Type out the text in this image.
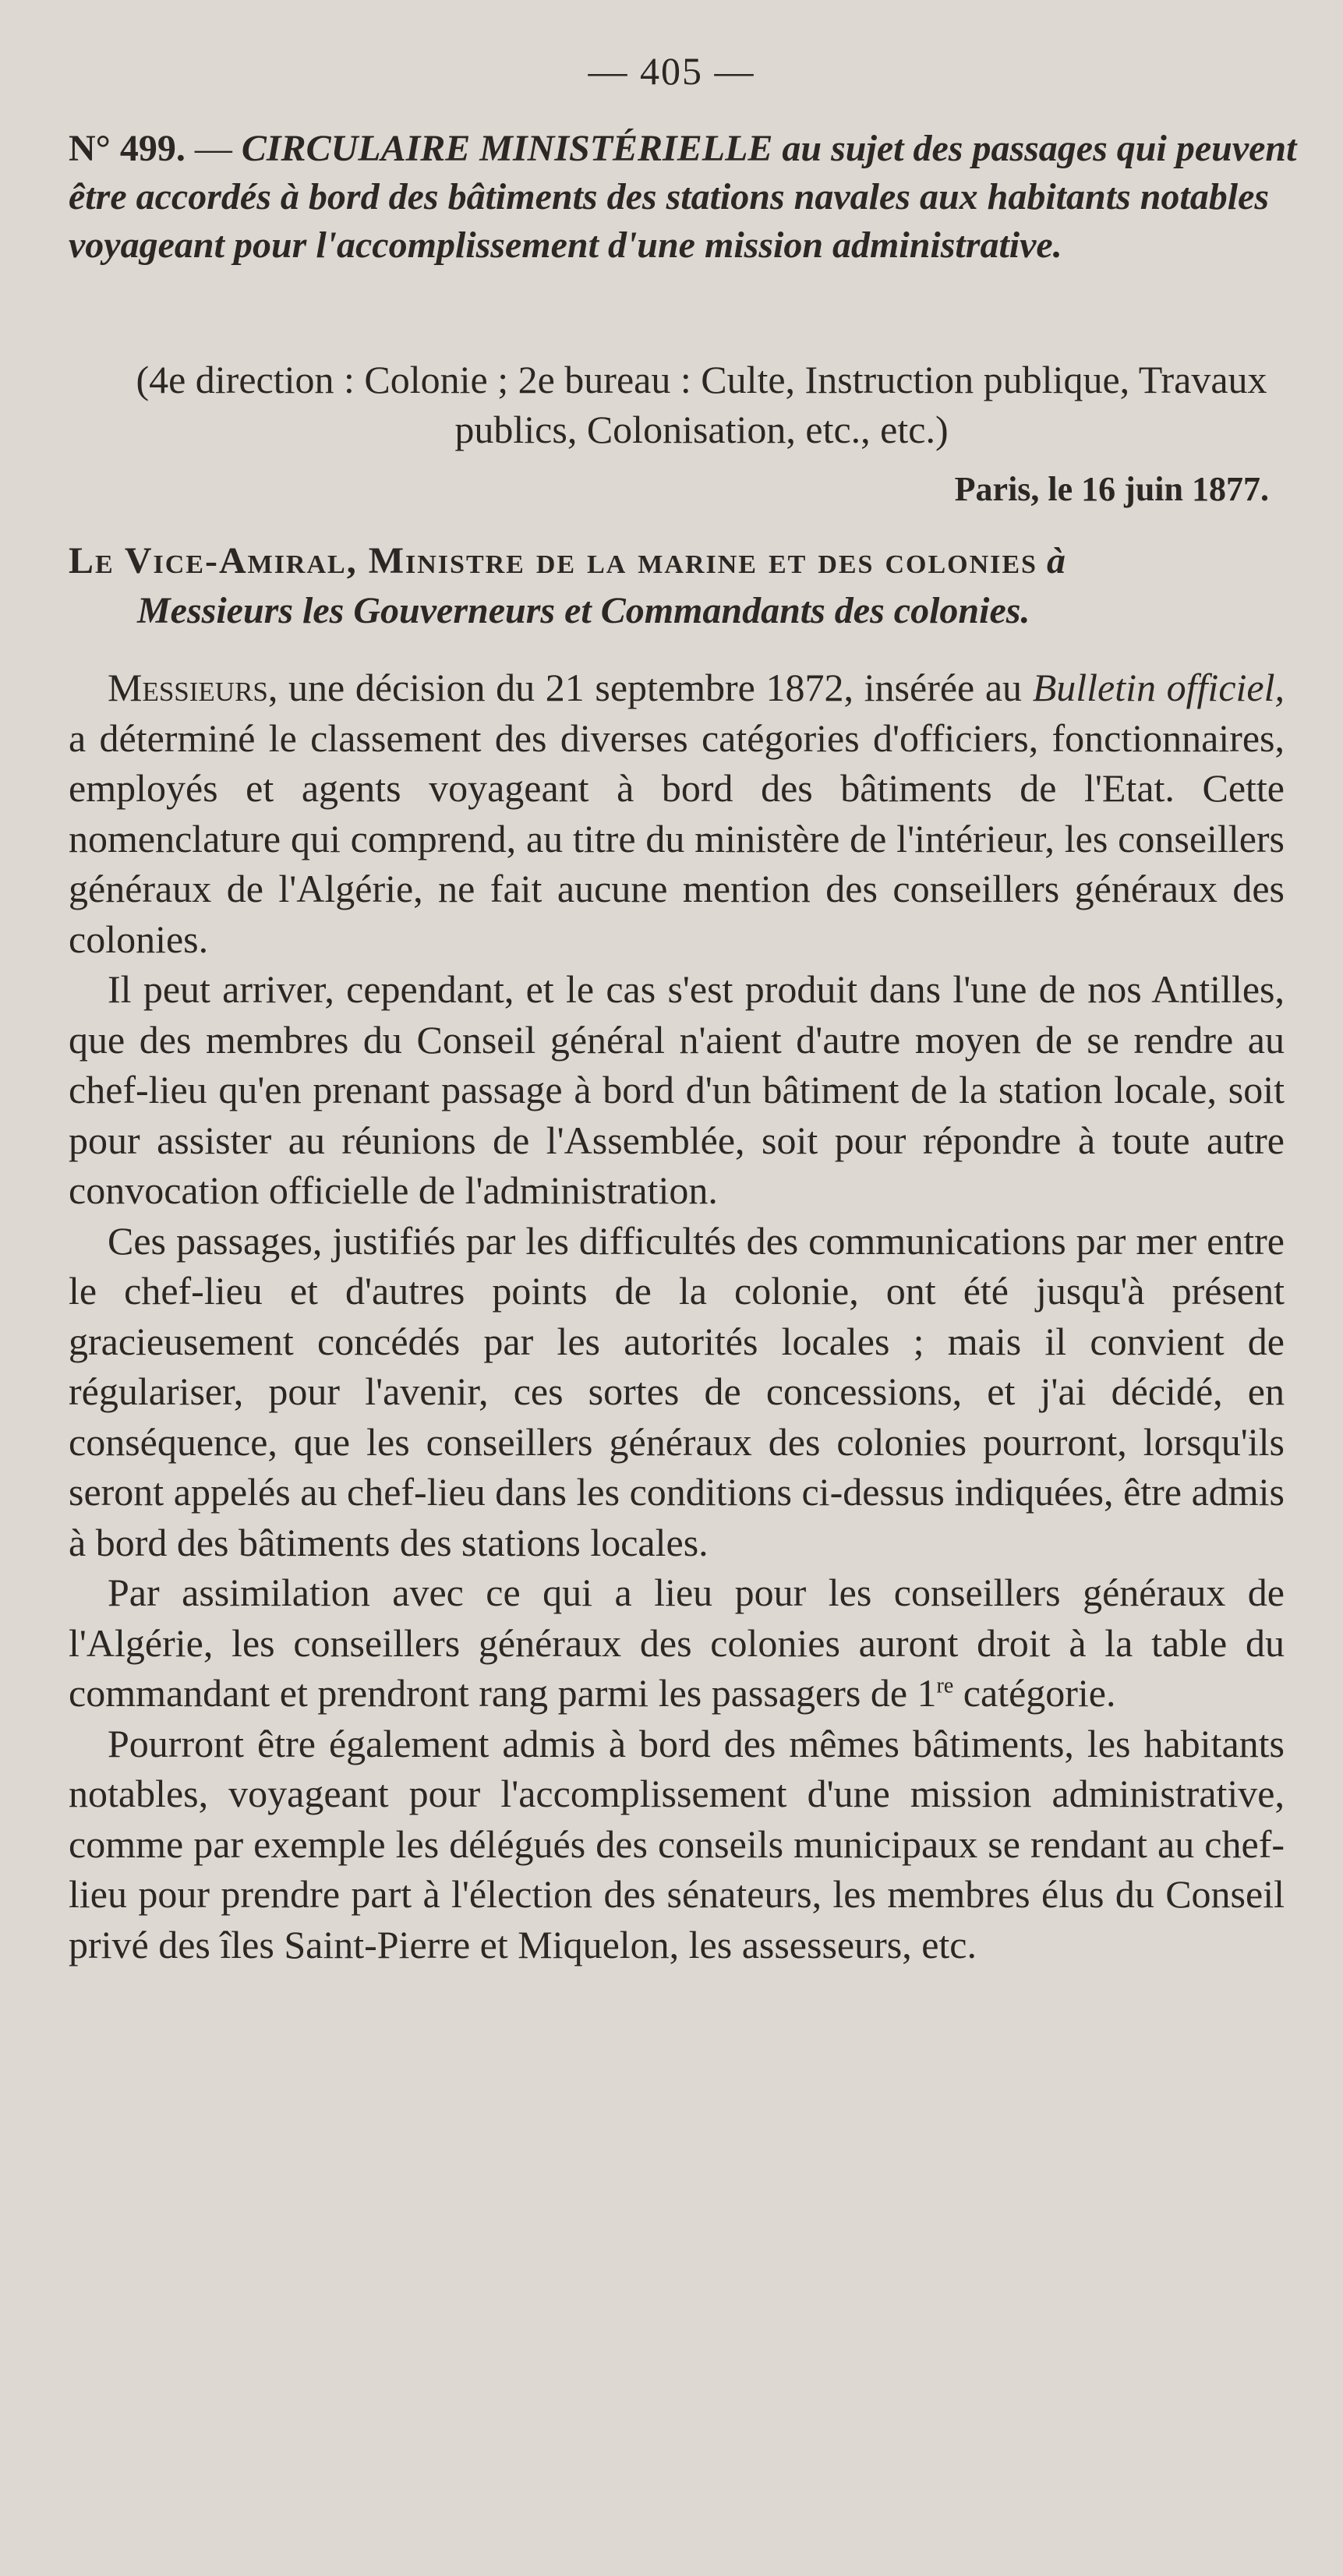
— 405 —
N° 499. — CIRCULAIRE MINISTÉRIELLE au sujet des passages qui peuvent être accordés à bord des bâtiments des stations navales aux habitants notables voyageant pour l'accomplissement d'une mission administrative.
(4e direction : Colonie ; 2e bureau : Culte, Instruction publique, Travaux publics, Colonisation, etc., etc.)
Paris, le 16 juin 1877.
Le Vice-Amiral, Ministre de la marine et des colonies à
Messieurs les Gouverneurs et Commandants des colonies.

Messieurs, une décision du 21 septembre 1872, insérée au Bulletin officiel, a déterminé le classement des diverses catégories d'officiers, fonctionnaires, employés et agents voyageant à bord des bâtiments de l'Etat. Cette nomenclature qui comprend, au titre du ministère de l'intérieur, les conseillers généraux de l'Algérie, ne fait aucune mention des conseillers généraux des colonies.

Il peut arriver, cependant, et le cas s'est produit dans l'une de nos Antilles, que des membres du Conseil général n'aient d'autre moyen de se rendre au chef-lieu qu'en prenant passage à bord d'un bâtiment de la station locale, soit pour assister au réunions de l'Assemblée, soit pour répondre à toute autre convocation officielle de l'administration.

Ces passages, justifiés par les difficultés des communications par mer entre le chef-lieu et d'autres points de la colonie, ont été jusqu'à présent gracieusement concédés par les autorités locales ; mais il convient de régulariser, pour l'avenir, ces sortes de concessions, et j'ai décidé, en conséquence, que les conseillers généraux des colonies pourront, lorsqu'ils seront appelés au chef-lieu dans les conditions ci-dessus indiquées, être admis à bord des bâtiments des stations locales.

Par assimilation avec ce qui a lieu pour les conseillers généraux de l'Algérie, les conseillers généraux des colonies auront droit à la table du commandant et prendront rang parmi les passagers de 1re catégorie.

Pourront être également admis à bord des mêmes bâtiments, les habitants notables, voyageant pour l'accomplissement d'une mission administrative, comme par exemple les délégués des conseils municipaux se rendant au chef-lieu pour prendre part à l'élection des sénateurs, les membres élus du Conseil privé des îles Saint-Pierre et Miquelon, les assesseurs, etc.
